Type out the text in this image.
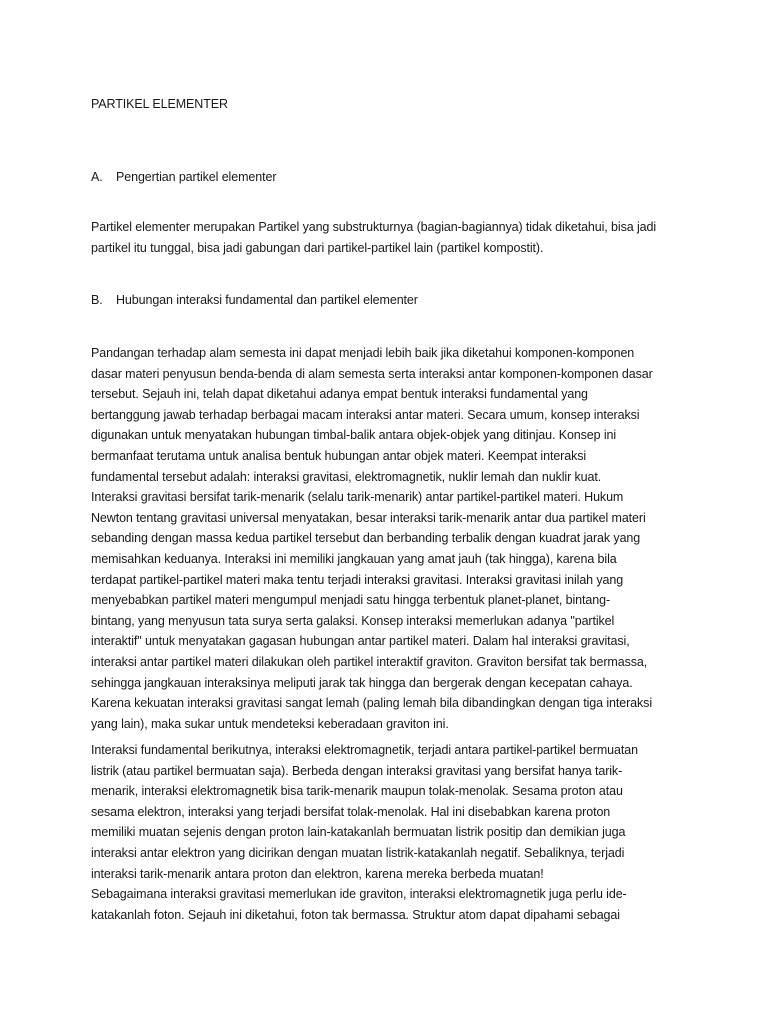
PARTIKEL ELEMENTER
A. Pengertian partikel elementer
Partikel elementer merupakan Partikel yang substrukturnya (bagian-bagiannya) tidak diketahui, bisa jadi
partikel itu tunggal, bisa jadi gabungan dari partikel-partikel lain (partikel kompostit).
B. Hubungan interaksi fundamental dan partikel elementer
Pandangan terhadap alam semesta ini dapat menjadi lebih baik jika diketahui komponen-komponen
dasar materi penyusun benda-benda di alam semesta serta interaksi antar komponen-komponen dasar
tersebut. Sejauh ini, telah dapat diketahui adanya empat bentuk interaksi fundamental yang
bertanggung jawab terhadap berbagai macam interaksi antar materi. Secara umum, konsep interaksi
digunakan untuk menyatakan hubungan timbal-balik antara objek-objek yang ditinjau. Konsep ini
bermanfaat terutama untuk analisa bentuk hubungan antar objek materi. Keempat interaksi
fundamental tersebut adalah: interaksi gravitasi, elektromagnetik, nuklir lemah dan nuklir kuat.
Interaksi gravitasi bersifat tarik-menarik (selalu tarik-menarik) antar partikel-partikel materi. Hukum
Newton tentang gravitasi universal menyatakan, besar interaksi tarik-menarik antar dua partikel materi
sebanding dengan massa kedua partikel tersebut dan berbanding terbalik dengan kuadrat jarak yang
memisahkan keduanya. Interaksi ini memiliki jangkauan yang amat jauh (tak hingga), karena bila
terdapat partikel-partikel materi maka tentu terjadi interaksi gravitasi. Interaksi gravitasi inilah yang
menyebabkan partikel materi mengumpul menjadi satu hingga terbentuk planet-planet, bintang-
bintang, yang menyusun tata surya serta galaksi. Konsep interaksi memerlukan adanya "partikel
interaktif" untuk menyatakan gagasan hubungan antar partikel materi. Dalam hal interaksi gravitasi,
interaksi antar partikel materi dilakukan oleh partikel interaktif graviton. Graviton bersifat tak bermassa,
sehingga jangkauan interaksinya meliputi jarak tak hingga dan bergerak dengan kecepatan cahaya.
Karena kekuatan interaksi gravitasi sangat lemah (paling lemah bila dibandingkan dengan tiga interaksi
yang lain), maka sukar untuk mendeteksi keberadaan graviton ini.
Interaksi fundamental berikutnya, interaksi elektromagnetik, terjadi antara partikel-partikel bermuatan
listrik (atau partikel bermuatan saja). Berbeda dengan interaksi gravitasi yang bersifat hanya tarik-
menarik, interaksi elektromagnetik bisa tarik-menarik maupun tolak-menolak. Sesama proton atau
sesama elektron, interaksi yang terjadi bersifat tolak-menolak. Hal ini disebabkan karena proton
memiliki muatan sejenis dengan proton lain-katakanlah bermuatan listrik positip dan demikian juga
interaksi antar elektron yang dicirikan dengan muatan listrik-katakanlah negatif. Sebaliknya, terjadi
interaksi tarik-menarik antara proton dan elektron, karena mereka berbeda muatan!
Sebagaimana interaksi gravitasi memerlukan ide graviton, interaksi elektromagnetik juga perlu ide-
katakanlah foton. Sejauh ini diketahui, foton tak bermassa. Struktur atom dapat dipahami sebagai
